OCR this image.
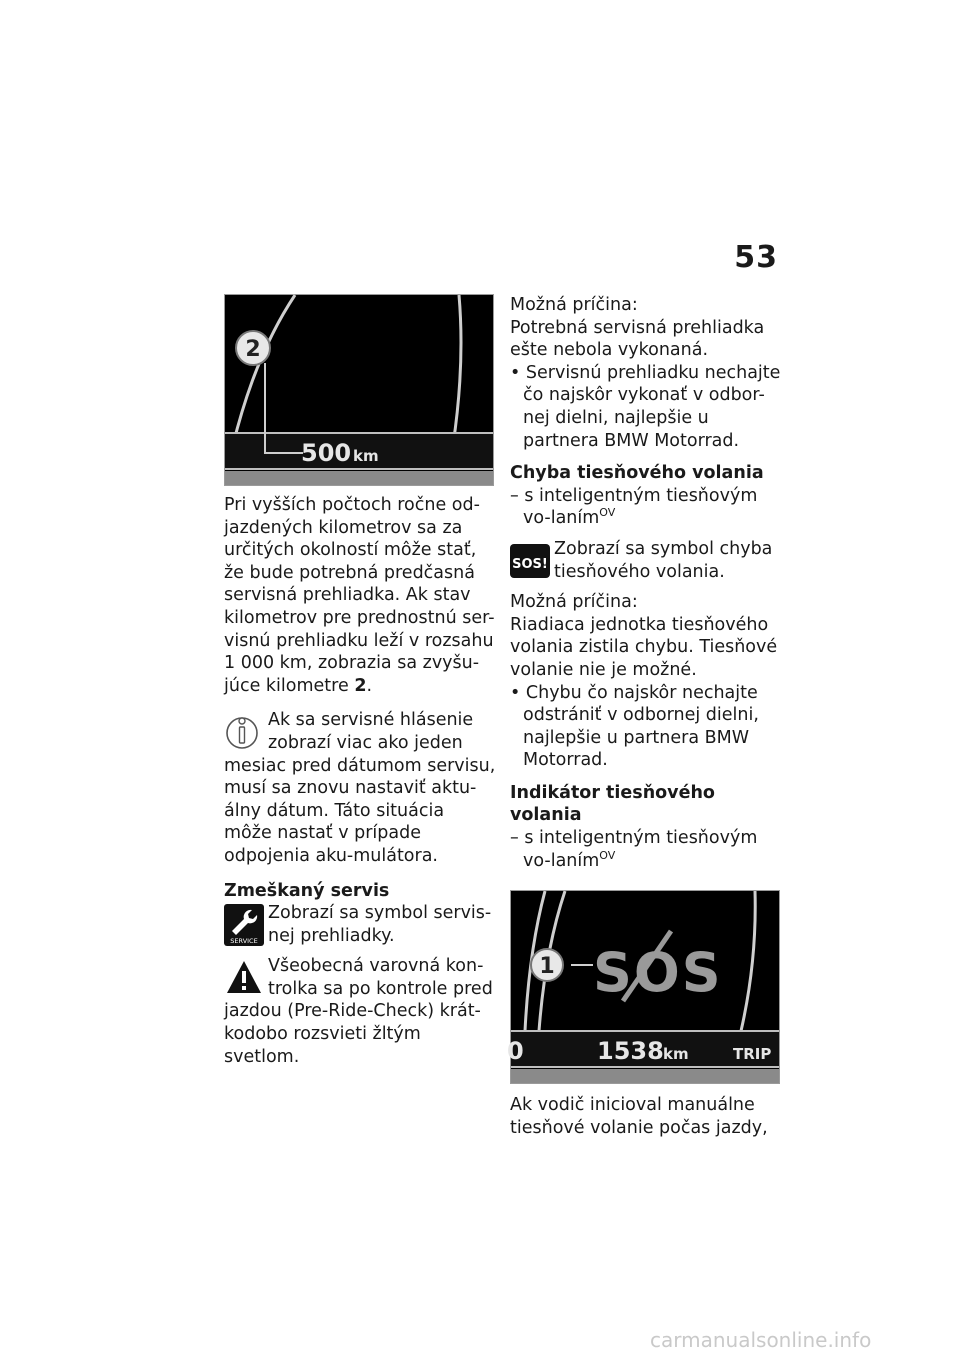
53
2
500 km

Pri vyšších počtoch ročne od-jazdených kilometrov sa za určitých okolností môže stať, že bude potrebná predčasná servisná prehliadka. Ak stav kilometrov pre prednostnú ser-visnú prehliadku leží v rozsahu 1 000 km, zobrazia sa zvyšu-júce kilometre 2.

Ak sa servisné hlásenie zobrazí viac ako jeden mesiac pred dátumom servisu, musí sa znovu nastaviť aktu-álny dátum. Táto situácia môže nastať v prípade odpojenia aku-mulátora.

Zmeškaný servis

SERVICE

Zobrazí sa symbol servis-nej prehliadky.

Všeobecná varovná kon-trolka sa po kontrole pred jazdou (Pre-Ride-Check) krát-kodobo rozsvieti žltým svetlom.

Možná príčina:

Potrebná servisná prehliadka ešte nebola vykonaná.

• Servisnú prehliadku nechajte čo najskôr vykonať v odbor-nej dielni, najlepšie u partnera BMW Motorrad.

Chyba tiesňového volania

– s inteligentným tiesňovým vo-laním$^{OV}$

SOS!

Zobrazí sa symbol chyba tiesňového volania.

Možná príčina:

Riadiaca jednotka tiesňového volania zistila chybu. Tiesňové volanie nie je možné.

• Chybu čo najskôr nechajte odstrániť v odbornej dielni, najlepšie u partnera BMW Motorrad.

Indikátor tiesňového volania

– s inteligentným tiesňovým vo-laním$^{OV}$

SOS
1
0	1538 km	TRIP

Ak vodič inicioval manuálne tiesňové volanie počas jazdy,

carmanualsonline.info
